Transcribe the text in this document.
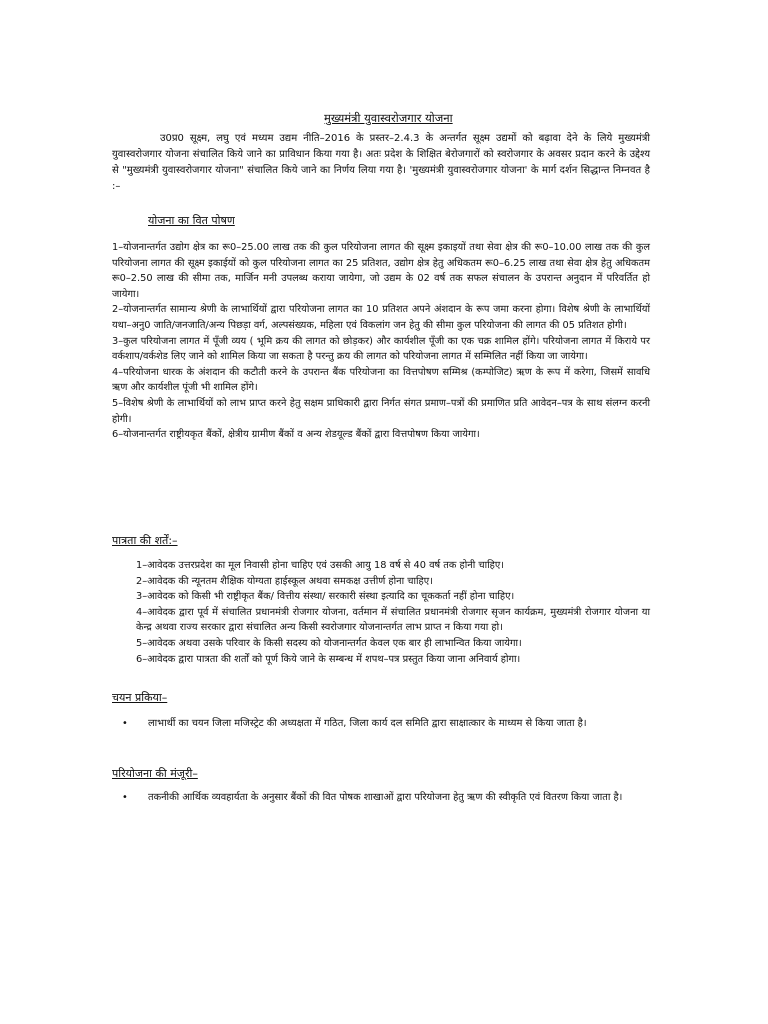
मुख्यमंत्री युवास्वरोजगार योजना

उ0प्र0 सूक्ष्म, लघु एवं मध्यम उद्यम नीति–2016 के प्रस्तर–2.4.3 के अन्तर्गत सूक्ष्म उद्यमों को बढ़ावा देने के लिये मुख्यमंत्री युवास्वरोजगार योजना संचालित किये जाने का प्राविधान किया गया है। अतः प्रदेश के शिक्षित बेरोजगारों को स्वरोजगार के अवसर प्रदान करने के उद्देश्य से "मुख्यमंत्री युवास्वरोजगार योजना" संचालित किये जाने का निर्णय लिया गया है। 'मुख्यमंत्री युवास्वरोजगार योजना' के मार्ग दर्शन सिद्धान्त निम्नवत है :–

योजना का वित पोषण

1–योजनान्तर्गत उद्योग क्षेत्र का रू0–25.00 लाख तक की कुल परियोजना लागत की सूक्ष्म इकाइयों तथा सेवा क्षेत्र की रू0–10.00 लाख तक की कुल परियोजना लागत की सूक्ष्म इकाईयों को कुल परियोजना लागत का 25 प्रतिशत, उद्योग क्षेत्र हेतु अधिकतम रू0–6.25 लाख तथा सेवा क्षेत्र हेतु अधिकतम रू0–2.50 लाख की सीमा तक, मार्जिन मनी उपलब्ध कराया जायेगा, जो उद्यम के 02 वर्ष तक सफल संचालन के उपरान्त अनुदान में परिवर्तित हो जायेगा।

2–योजनान्तर्गत सामान्य श्रेणी के लाभार्थियों द्वारा परियोजना लागत का 10 प्रतिशत अपने अंशदान के रूप जमा करना होगा। विशेष श्रेणी के लाभार्थियों यथा–अनु0 जाति/जनजाति/अन्य पिछड़ा वर्ग, अल्पसंख्यक, महिला एवं विकलांग जन हेतु की सीमा कुल परियोजना की लागत की 05 प्रतिशत होगी।

3–कुल परियोजना लागत में पूँजी व्यय ( भूमि क्रय की लागत को छोड़कर) और कार्यशील पूँजी का एक चक्र शामिल होंगे। परियोजना लागत में किराये पर वर्कशाप/वर्कशेड लिए जाने को शामिल किया जा सकता है परन्तु क्रय की लागत को परियोजना लागत में सम्मिलित नहीं किया जा जायेगा।

4–परियोजना धारक के अंशदान की कटौती करने के उपरान्त बैंक परियोजना का वित्तपोषण सम्मिश्र (कम्पोजिट) ऋण के रूप में करेगा, जिसमें सावधि ऋण और कार्यशील पूंजी भी शामिल होंगे।

5–विशेष श्रेणी के लाभार्थियों को लाभ प्राप्त करने हेतु सक्षम प्राधिकारी द्वारा निर्गत संगत प्रमाण–पत्रों की प्रमाणित प्रति आवेदन–पत्र के साथ संलग्न करनी होगी।

6–योजनान्तर्गत राष्ट्रीयकृत बैंकों, क्षेत्रीय ग्रामीण बैंकों व अन्य शेडयूल्ड बैंकों द्वारा वित्तपोषण किया जायेगा।

पात्रता की शर्तें:–

1–आवेदक उत्तरप्रदेश का मूल निवासी होना चाहिए एवं उसकी आयु 18 वर्ष से 40 वर्ष तक होनी चाहिए।

2–आवेदक की न्यूनतम शैक्षिक योग्यता हाईस्कूल अथवा समकक्ष उत्तीर्ण होना चाहिए।

3–आवेदक को किसी भी राष्ट्रीकृत बैंक/ वित्तीय संस्था/ सरकारी संस्था इत्यादि का चूककर्ता नहीं होना चाहिए।

4–आवेदक द्वारा पूर्व में संचालित प्रधानमंत्री रोजगार योजना, वर्तमान में संचालित प्रधानमंत्री रोजगार सृजन कार्यक्रम, मुख्यमंत्री रोजगार योजना या केन्द्र अथवा राज्य सरकार द्वारा संचालित अन्य किसी स्वरोजगार योजनान्तर्गत लाभ प्राप्त न किया गया हो।

5–आवेदक अथवा उसके परिवार के किसी सदस्य को योजनान्तर्गत केवल एक बार ही लाभान्वित किया जायेगा।

6–आवेदक द्वारा पात्रता की शर्तों को पूर्ण किये जाने के सम्बन्ध में शपथ–पत्र प्रस्तुत किया जाना अनिवार्य होगा।

चयन प्रकिया–
• लाभार्थी का चयन जिला मजिस्ट्रेट की अध्यक्षता में गठित, जिला कार्य दल समिति द्वारा साक्षात्कार के माध्यम से किया जाता है।
परियोजना की मंजूरी–
• तकनीकी आर्थिक व्यवहार्यता के अनुसार बैंकों की वित पोषक शाखाओं द्वारा परियोजना हेतु ऋण की स्वीकृति एवं वितरण किया जाता है।
